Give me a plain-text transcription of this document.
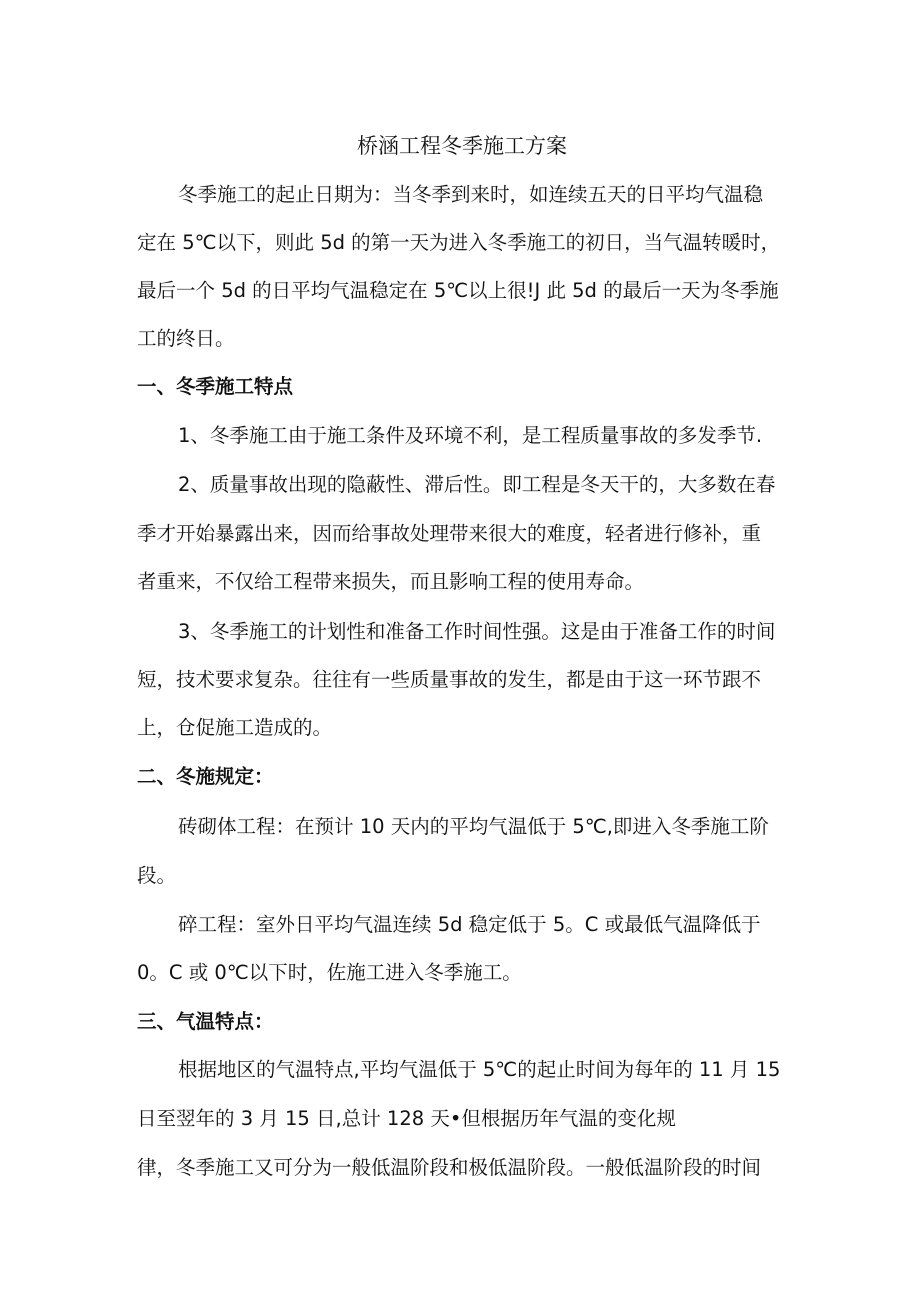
桥涵工程冬季施工方案
冬季施工的起止日期为：当冬季到来时，如连续五天的日平均气温稳
定在 5℃以下，则此 5d 的第一天为进入冬季施工的初日，当气温转暖时，
最后一个 5d 的日平均气温稳定在 5℃以上很!J 此 5d 的最后一天为冬季施
工的终日。
一、冬季施工特点
1、冬季施工由于施工条件及环境不利，是工程质量事故的多发季节.
2、质量事故出现的隐蔽性、滞后性。即工程是冬天干的，大多数在春
季才开始暴露出来，因而给事故处理带来很大的难度，轻者进行修补，重
者重来，不仅给工程带来损失，而且影响工程的使用寿命。
3、冬季施工的计划性和准备工作时间性强。这是由于准备工作的时间
短，技术要求复杂。往往有一些质量事故的发生，都是由于这一环节跟不
上，仓促施工造成的。
二、冬施规定：
砖砌体工程：在预计 10 天内的平均气温低于 5℃,即进入冬季施工阶
段。
碎工程：室外日平均气温连续 5d 稳定低于 5。C 或最低气温降低于
0。C 或 0℃以下时，佐施工进入冬季施工。
三、气温特点：
根据地区的气温特点,平均气温低于 5℃的起止时间为每年的 11 月 15
日至翌年的 3 月 15 日,总计 128 天•但根据历年气温的变化规
律，冬季施工又可分为一般低温阶段和极低温阶段。一般低温阶段的时间
